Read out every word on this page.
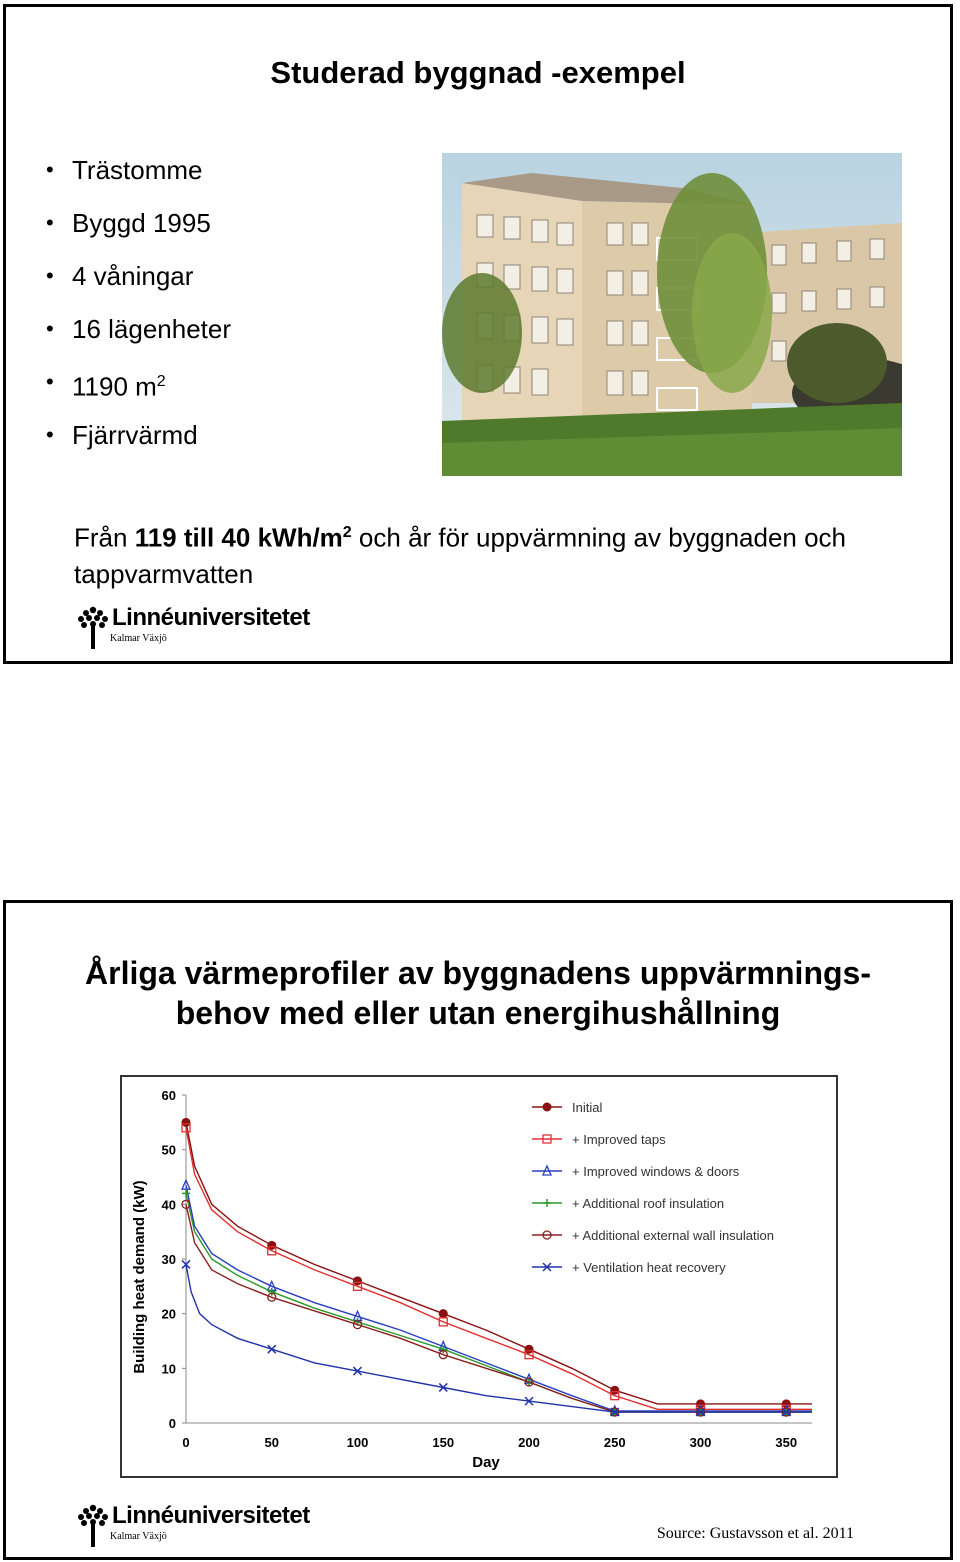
Studerad byggnad -exempel
• Trästomme
• Byggd 1995
• 4 våningar
• 16 lägenheter
• 1190 $m^2$
• Fjärrvärmd
Från 119 till 40 kWh/$m^2$ och år för uppvärmning av byggnaden och tappvarmvatten
Linnéuniversitetet
Kalmar Växjö
Årliga värmeprofiler av byggnadens uppvärmnings-
behov med eller utan energihushållning
Building heat demand (kW)
Day
0
10
20
30
40
50
60
0	50	100	150	200	250	300	350
Initial
+ Improved taps
+ Improved windows & doors
+ Additional roof insulation
+ Additional external wall insulation
+ Ventilation heat recovery
Linnéuniversitetet
Kalmar Växjö	Source: Gustavsson et al. 2011
